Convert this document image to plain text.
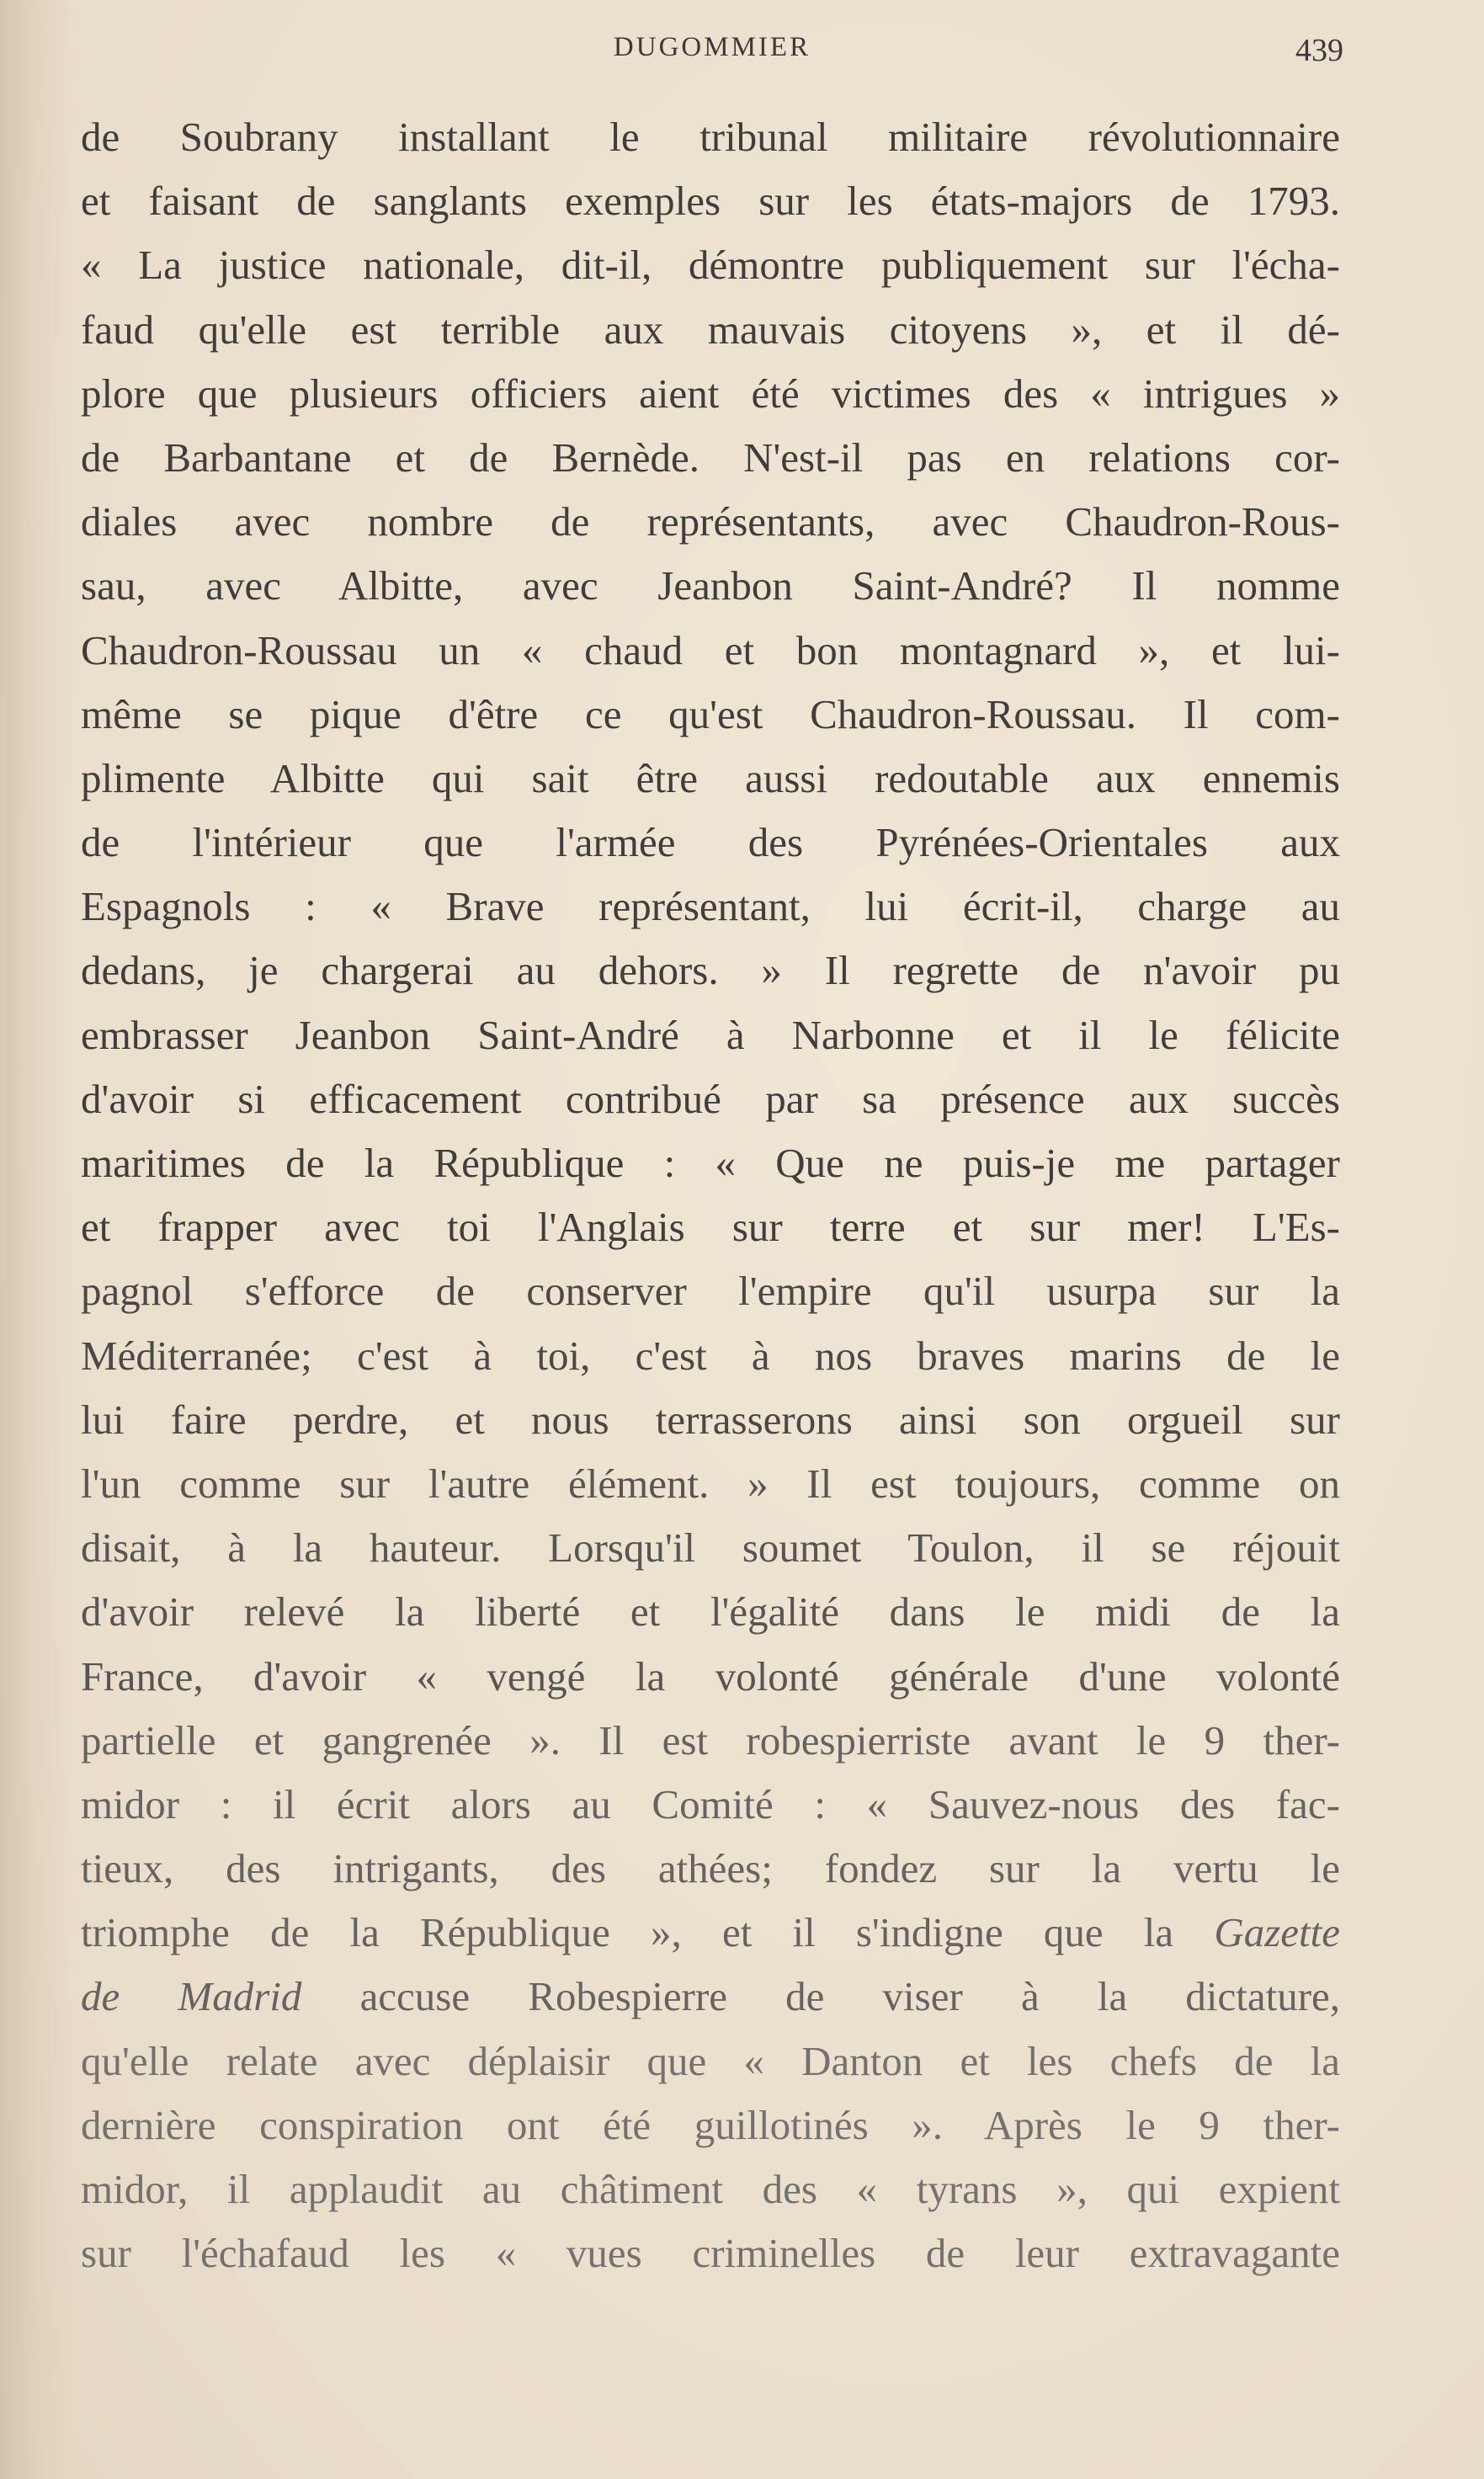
DUGOMMIER	439
de Soubrany installant le tribunal militaire révolutionnaire
et faisant de sanglants exemples sur les états-majors de 1793.
« La justice nationale, dit-il, démontre publiquement sur l'écha-
faud qu'elle est terrible aux mauvais citoyens », et il dé-
plore que plusieurs officiers aient été victimes des « intrigues »
de Barbantane et de Bernède. N'est-il pas en relations cor-
diales avec nombre de représentants, avec Chaudron-Rous-
sau, avec Albitte, avec Jeanbon Saint-André? Il nomme
Chaudron-Roussau un « chaud et bon montagnard », et lui-
même se pique d'être ce qu'est Chaudron-Roussau. Il com-
plimente Albitte qui sait être aussi redoutable aux ennemis
de l'intérieur que l'armée des Pyrénées-Orientales aux
Espagnols : « Brave représentant, lui écrit-il, charge au
dedans, je chargerai au dehors. » Il regrette de n'avoir pu
embrasser Jeanbon Saint-André à Narbonne et il le félicite
d'avoir si efficacement contribué par sa présence aux succès
maritimes de la République : « Que ne puis-je me partager
et frapper avec toi l'Anglais sur terre et sur mer! L'Es-
pagnol s'efforce de conserver l'empire qu'il usurpa sur la
Méditerranée; c'est à toi, c'est à nos braves marins de le
lui faire perdre, et nous terrasserons ainsi son orgueil sur
l'un comme sur l'autre élément. » Il est toujours, comme on
disait, à la hauteur. Lorsqu'il soumet Toulon, il se réjouit
d'avoir relevé la liberté et l'égalité dans le midi de la
France, d'avoir « vengé la volonté générale d'une volonté
partielle et gangrenée ». Il est robespierriste avant le 9 ther-
midor : il écrit alors au Comité : « Sauvez-nous des fac-
tieux, des intrigants, des athées; fondez sur la vertu le
triomphe de la République », et il s'indigne que la Gazette
de Madrid accuse Robespierre de viser à la dictature,
qu'elle relate avec déplaisir que « Danton et les chefs de la
dernière conspiration ont été guillotinés ». Après le 9 ther-
midor, il applaudit au châtiment des « tyrans », qui expient
sur l'échafaud les « vues criminelles de leur extravagante
